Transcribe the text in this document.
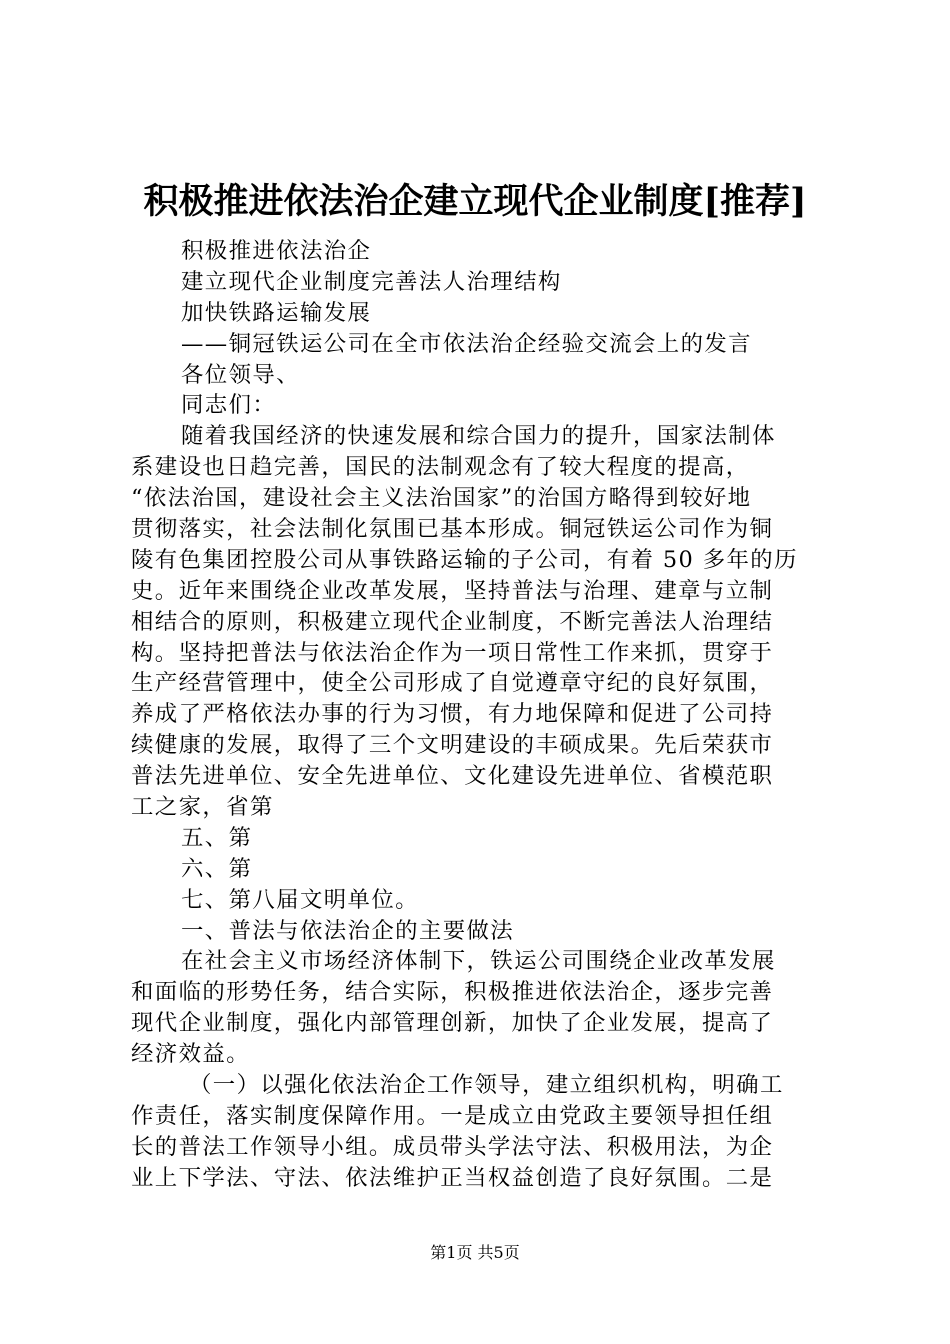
积极推进依法治企建立现代企业制度[推荐]
积极推进依法治企
建立现代企业制度完善法人治理结构
加快铁路运输发展
——铜冠铁运公司在全市依法治企经验交流会上的发言
各位领导、
同志们：
随着我国经济的快速发展和综合国力的提升，国家法制体
系建设也日趋完善，国民的法制观念有了较大程度的提高，
“依法治国，建设社会主义法治国家”的治国方略得到较好地
贯彻落实，社会法制化氛围已基本形成。铜冠铁运公司作为铜
陵有色集团控股公司从事铁路运输的子公司，有着 50 多年的历
史。近年来围绕企业改革发展，坚持普法与治理、建章与立制
相结合的原则，积极建立现代企业制度，不断完善法人治理结
构。坚持把普法与依法治企作为一项日常性工作来抓，贯穿于
生产经营管理中，使全公司形成了自觉遵章守纪的良好氛围，
养成了严格依法办事的行为习惯，有力地保障和促进了公司持
续健康的发展，取得了三个文明建设的丰硕成果。先后荣获市
普法先进单位、安全先进单位、文化建设先进单位、省模范职
工之家，省第
五、第
六、第
七、第八届文明单位。
一、普法与依法治企的主要做法
在社会主义市场经济体制下，铁运公司围绕企业改革发展
和面临的形势任务，结合实际，积极推进依法治企，逐步完善
现代企业制度，强化内部管理创新，加快了企业发展，提高了
经济效益。
（一）以强化依法治企工作领导，建立组织机构，明确工
作责任，落实制度保障作用。一是成立由党政主要领导担任组
长的普法工作领导小组。成员带头学法守法、积极用法，为企
业上下学法、守法、依法维护正当权益创造了良好氛围。二是
第1页 共5页
